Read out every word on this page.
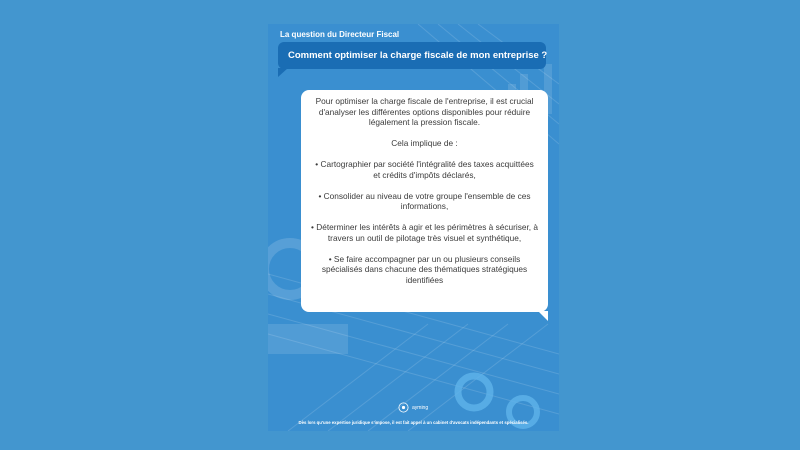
La question du Directeur Fiscal
Comment optimiser la charge fiscale de mon entreprise ?

Pour optimiser la charge fiscale de l'entreprise, il est crucial d'analyser les différentes options disponibles pour réduire légalement la pression fiscale.

Cela implique de :

• Cartographier par société l'intégralité des taxes acquittées et crédits d'impôts déclarés,

• Consolider au niveau de votre groupe l'ensemble de ces informations,

• Déterminer les intérêts à agir et les périmètres à sécuriser, à travers un outil de pilotage très visuel et synthétique,

• Se faire accompagner par un ou plusieurs conseils spécialisés dans chacune des thématiques stratégiques identifiées

ayming
Dès lors qu'une expertise juridique s'impose, il est fait appel à un cabinet d'avocats indépendants et spécialisés.
